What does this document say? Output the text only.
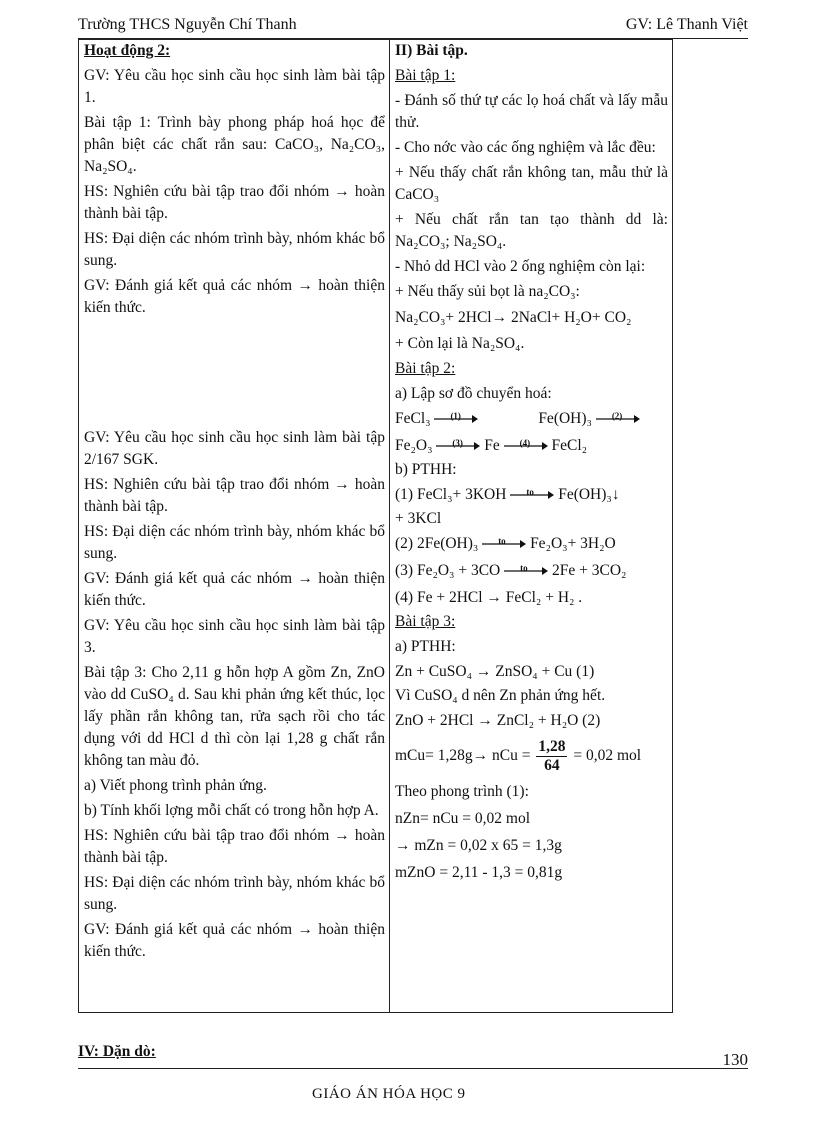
Trường THCS Nguyễn Chí Thanh	GV: Lê Thanh Việt

Hoạt động 2:

GV: Yêu cầu học sinh cầu học sinh làm bài tập 1.

Bài tập 1: Trình bày phong pháp hoá học để phân biệt các chất rắn sau: CaCO₃, Na₂CO₃, Na₂SO₄.

HS: Nghiên cứu bài tập trao đổi nhóm → hoàn thành bài tập.

HS: Đại diện các nhóm trình bày, nhóm khác bổ sung.

GV: Đánh giá kết quả các nhóm → hoàn thiện kiến thức.

GV: Yêu cầu học sinh cầu học sinh làm bài tập 2/167 SGK.

HS: Nghiên cứu bài tập trao đổi nhóm → hoàn thành bài tập.

HS: Đại diện các nhóm trình bày, nhóm khác bổ sung.

GV: Đánh giá kết quả các nhóm → hoàn thiện kiến thức.

GV: Yêu cầu học sinh cầu học sinh làm bài tập 3.

Bài tập 3: Cho 2,11 g hỗn hợp A gồm Zn, ZnO vào dd CuSO₄ d. Sau khi phản ứng kết thúc, lọc lấy phần rắn không tan, rửa sạch rồi cho tác dụng với dd HCl d thì còn lại 1,28 g chất rắn không tan màu đỏ.

a) Viết phong trình phản ứng.

b) Tính khối lợng mỗi chất có trong hỗn hợp A.

HS: Nghiên cứu bài tập trao đổi nhóm → hoàn thành bài tập.

HS: Đại diện các nhóm trình bày, nhóm khác bổ sung.

GV: Đánh giá kết quả các nhóm → hoàn thiện kiến thức.

II) Bài tập.

Bài tập 1:

- Đánh số thứ tự các lọ hoá chất và lấy mẫu thử.

- Cho nớc vào các ống nghiệm và lắc đều:

+ Nếu thấy chất rắn không tan, mẫu thử là CaCO₃

+ Nếu chất rắn tan tạo thành dd là: Na₂CO₃; Na₂SO₄.

- Nhỏ dd HCl vào 2 ống nghiệm còn lại:

+ Nếu thấy sủi bọt là na₂CO₃:

Na₂CO₃+ 2HCl→ 2NaCl+ H₂O+ CO₂

+ Còn lại là Na₂SO₄.

Bài tập 2:

a) Lập sơ đồ chuyển hoá:

FeCl₃ (1)	Fe(OH)₃ (2)

Fe₂O₃ (3) Fe (4) FeCl₂

b) PTHH:

(1) FeCl₃+ 3KOH to Fe(OH)₃↓

+ 3KCl

(2) 2Fe(OH)₃ to Fe₂O₃+ 3H₂O

(3) Fe₂O₃ + 3CO to 2Fe + 3CO₂

(4) Fe + 2HCl → FeCl₂ + H₂ .

Bài tập 3:

a) PTHH:

Zn + CuSO₄ → ZnSO₄ + Cu (1)

Vì CuSO₄ d nên Zn phản ứng hết.

ZnO + 2HCl → ZnCl₂ + H₂O (2)

mCu= 1,28g→ nCu = $\frac{1,28}{64} = 0,02$ mol

Theo phong trình (1):

nZn= nCu = 0,02 mol

→ mZn = 0,02 x 65 = 1,3g

mZnO = 2,11 - 1,3 = 0,81g

IV: Dặn dò:	130
GIÁO ÁN HÓA HỌC 9
